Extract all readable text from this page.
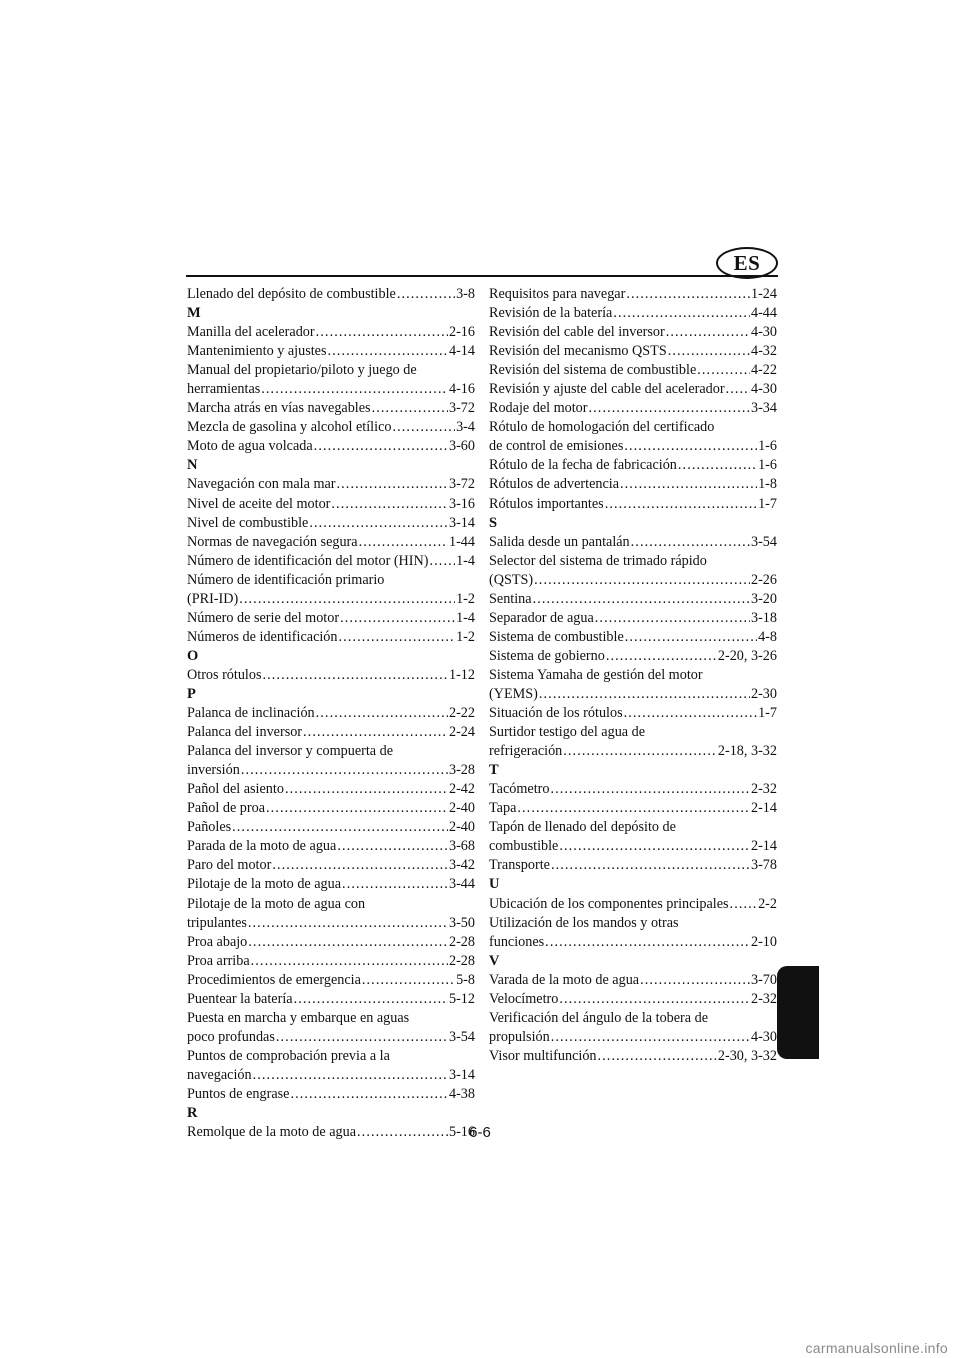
ES
Llenado del depósito de combustible .....	3-8
M
Manilla del acelerador .....	2-16
Mantenimiento y ajustes .....	4-14
Manual del propietario/piloto y juego de
herramientas .....	4-16
Marcha atrás en vías navegables .....	3-72
Mezcla de gasolina y alcohol etílico .....	3-4
Moto de agua volcada .....	3-60
N
Navegación con mala mar .....	3-72
Nivel de aceite del motor .....	3-16
Nivel de combustible .....	3-14
Normas de navegación segura .....	1-44
Número de identificación del motor (HIN) ..... 1-4
Número de identificación primario
(PRI-ID) .....	1-2
Número de serie del motor .....	1-4
Números de identificación .....	1-2
O
Otros rótulos .....	1-12
P
Palanca de inclinación .....	2-22
Palanca del inversor .....	2-24
Palanca del inversor y compuerta de
inversión .....	3-28
Pañol del asiento .....	2-42
Pañol de proa .....	2-40
Pañoles .....	2-40
Parada de la moto de agua .....	3-68
Paro del motor .....	3-42
Pilotaje de la moto de agua .....	3-44
Pilotaje de la moto de agua con
tripulantes .....	3-50
Proa abajo .....	2-28
Proa arriba .....	2-28
Procedimientos de emergencia .....	5-8
Puentear la batería .....	5-12
Puesta en marcha y embarque en aguas
poco profundas .....	3-54
Puntos de comprobación previa a la
navegación .....	3-14
Puntos de engrase .....	4-38
R
Remolque de la moto de agua .....	5-16
Requisitos para navegar .....	1-24
Revisión de la batería .....	4-44
Revisión del cable del inversor .....	4-30
Revisión del mecanismo QSTS .....	4-32
Revisión del sistema de combustible .....	4-22
Revisión y ajuste del cable del acelerador ..... 4-30
Rodaje del motor .....	3-34
Rótulo de homologación del certificado
de control de emisiones .....	1-6
Rótulo de la fecha de fabricación .....	1-6
Rótulos de advertencia .....	1-8
Rótulos importantes .....	1-7
S
Salida desde un pantalán .....	3-54
Selector del sistema de trimado rápido
(QSTS) .....	2-26
Sentina .....	3-20
Separador de agua .....	3-18
Sistema de combustible .....	4-8
Sistema de gobierno .....	2-20, 3-26
Sistema Yamaha de gestión del motor
(YEMS) .....	2-30
Situación de los rótulos .....	1-7
Surtidor testigo del agua de
refrigeración .....	2-18, 3-32
T
Tacómetro .....	2-32
Tapa .....	2-14
Tapón de llenado del depósito de
combustible .....	2-14
Transporte .....	3-78
U
Ubicación de los componentes principales ..... 2-2
Utilización de los mandos y otras
funciones .....	2-10
V
Varada de la moto de agua .....	3-70
Velocímetro .....	2-32
Verificación del ángulo de la tobera de
propulsión .....	4-30
Visor multifunción .....	2-30, 3-32
6-6
carmanualsonline.info
